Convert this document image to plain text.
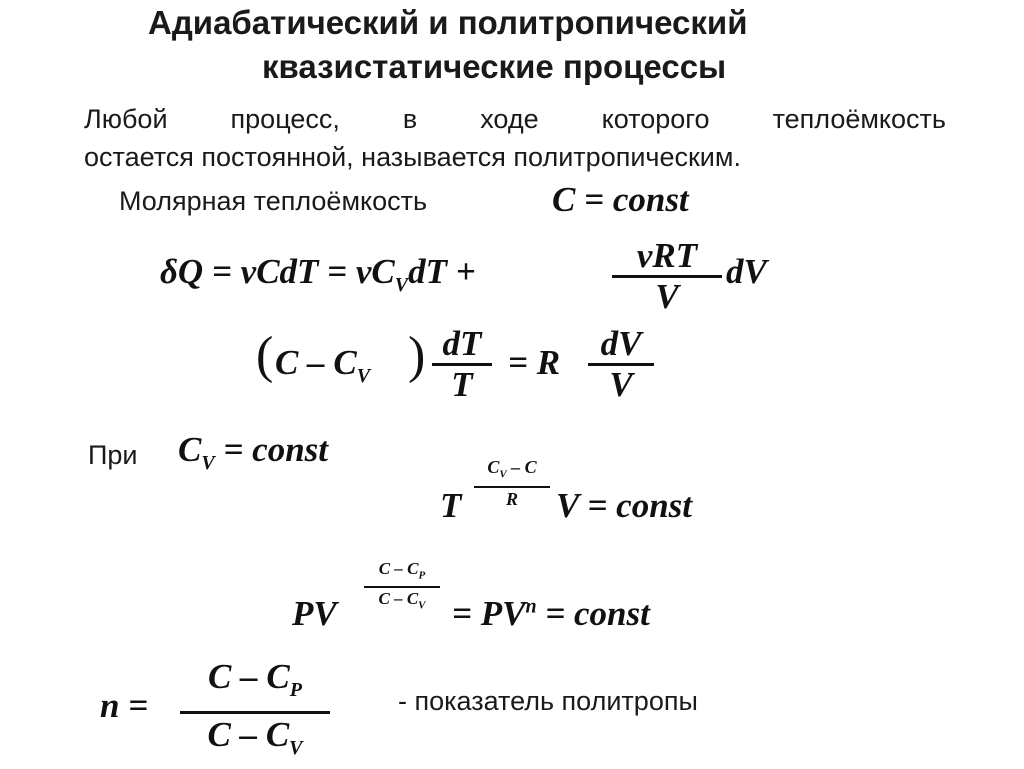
Адиабатический и политропический
квазистатические процессы
Любой процесс, в ходе которого теплоёмкость
остается постоянной, называется политропическим.
Молярная теплоёмкость	C = const
$\delta Q = \nu CdT = \nu C_VdT$ +	νRT
V
dV
( C – $C_V$ ) dT
T
= R	dV
V
При $C_V$ = const
T
$C_V$ – C
R	V = const
PV
C – $C_P$
$C - C_V = PV^n$ = const
n =
C – $C_P$
C – $C_V$
- показатель политропы
